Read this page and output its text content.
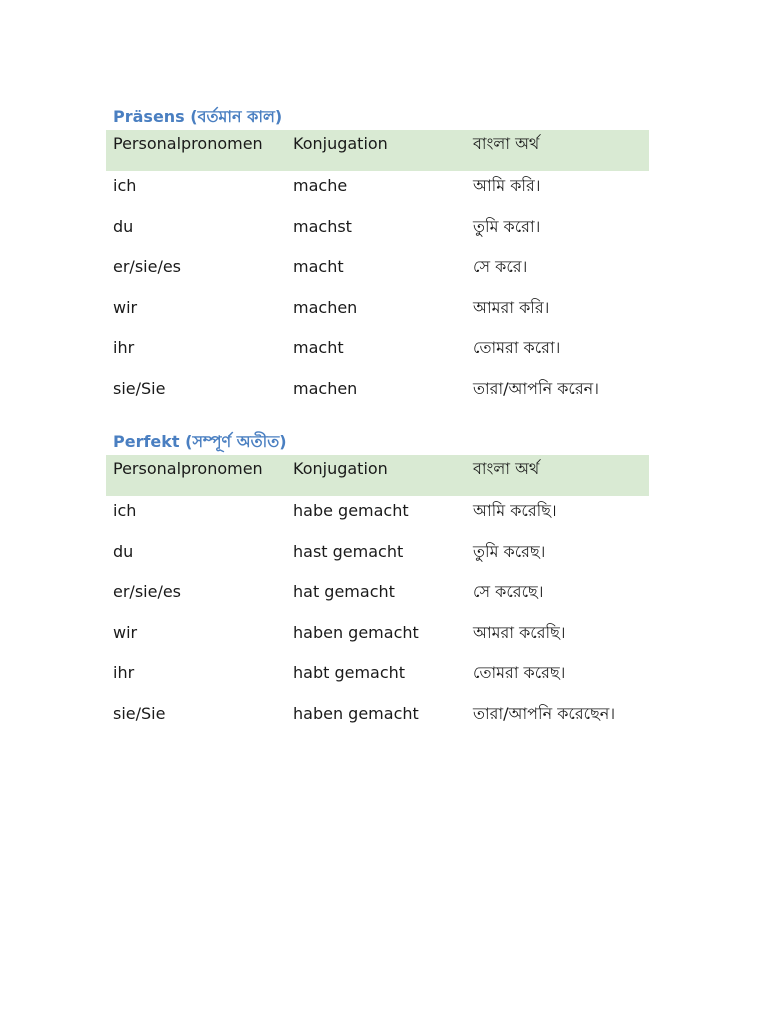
Präsens (বর্তমান কাল)
Personalpronomen	Konjugation	বাংলা অর্থ
ich	mache	আমি করি।
du	machst	তুমি করো।
er/sie/es	macht	সে করে।
wir	machen	আমরা করি।
ihr	macht	তোমরা করো।
sie/Sie	machen	তারা/আপনি করেন।
Perfekt (সম্পূর্ণ অতীত)
Personalpronomen	Konjugation	বাংলা অর্থ
ich	habe gemacht	আমি করেছি।
du	hast gemacht	তুমি করেছ।
er/sie/es	hat gemacht	সে করেছে।
wir	haben gemacht	আমরা করেছি।
ihr	habt gemacht	তোমরা করেছ।
sie/Sie	haben gemacht	তারা/আপনি করেছেন।
